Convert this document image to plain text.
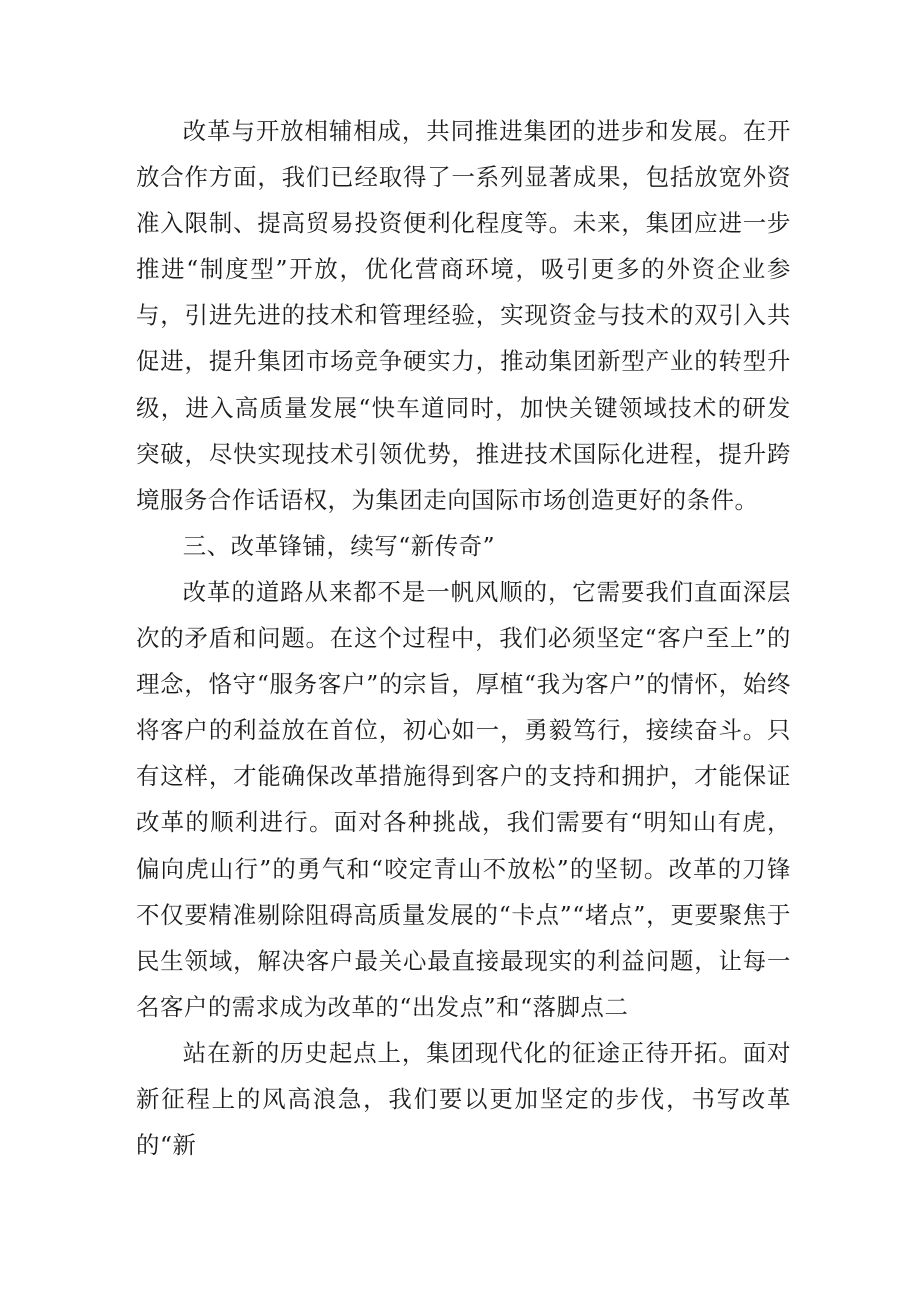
改革与开放相辅相成，共同推进集团的进步和发展。在开放合作方面，我们已经取得了一系列显著成果，包括放宽外资准入限制、提高贸易投资便利化程度等。未来，集团应进一步推进“制度型”开放，优化营商环境，吸引更多的外资企业参与，引进先进的技术和管理经验，实现资金与技术的双引入共促进，提升集团市场竞争硬实力，推动集团新型产业的转型升级，进入高质量发展“快车道同时，加快关键领域技术的研发突破，尽快实现技术引领优势，推进技术国际化进程，提升跨境服务合作话语权，为集团走向国际市场创造更好的条件。

三、改革锋铺，续写“新传奇”

改革的道路从来都不是一帆风顺的，它需要我们直面深层次的矛盾和问题。在这个过程中，我们必须坚定“客户至上”的理念，恪守“服务客户”的宗旨，厚植“我为客户”的情怀，始终将客户的利益放在首位，初心如一，勇毅笃行，接续奋斗。只有这样，才能确保改革措施得到客户的支持和拥护，才能保证改革的顺利进行。面对各种挑战，我们需要有“明知山有虎，偏向虎山行”的勇气和“咬定青山不放松”的坚韧。改革的刀锋不仅要精准剔除阻碍高质量发展的“卡点”“堵点”，更要聚焦于民生领域，解决客户最关心最直接最现实的利益问题，让每一名客户的需求成为改革的“出发点”和“落脚点二

站在新的历史起点上，集团现代化的征途正待开拓。面对新征程上的风高浪急，我们要以更加坚定的步伐，书写改革的“新
